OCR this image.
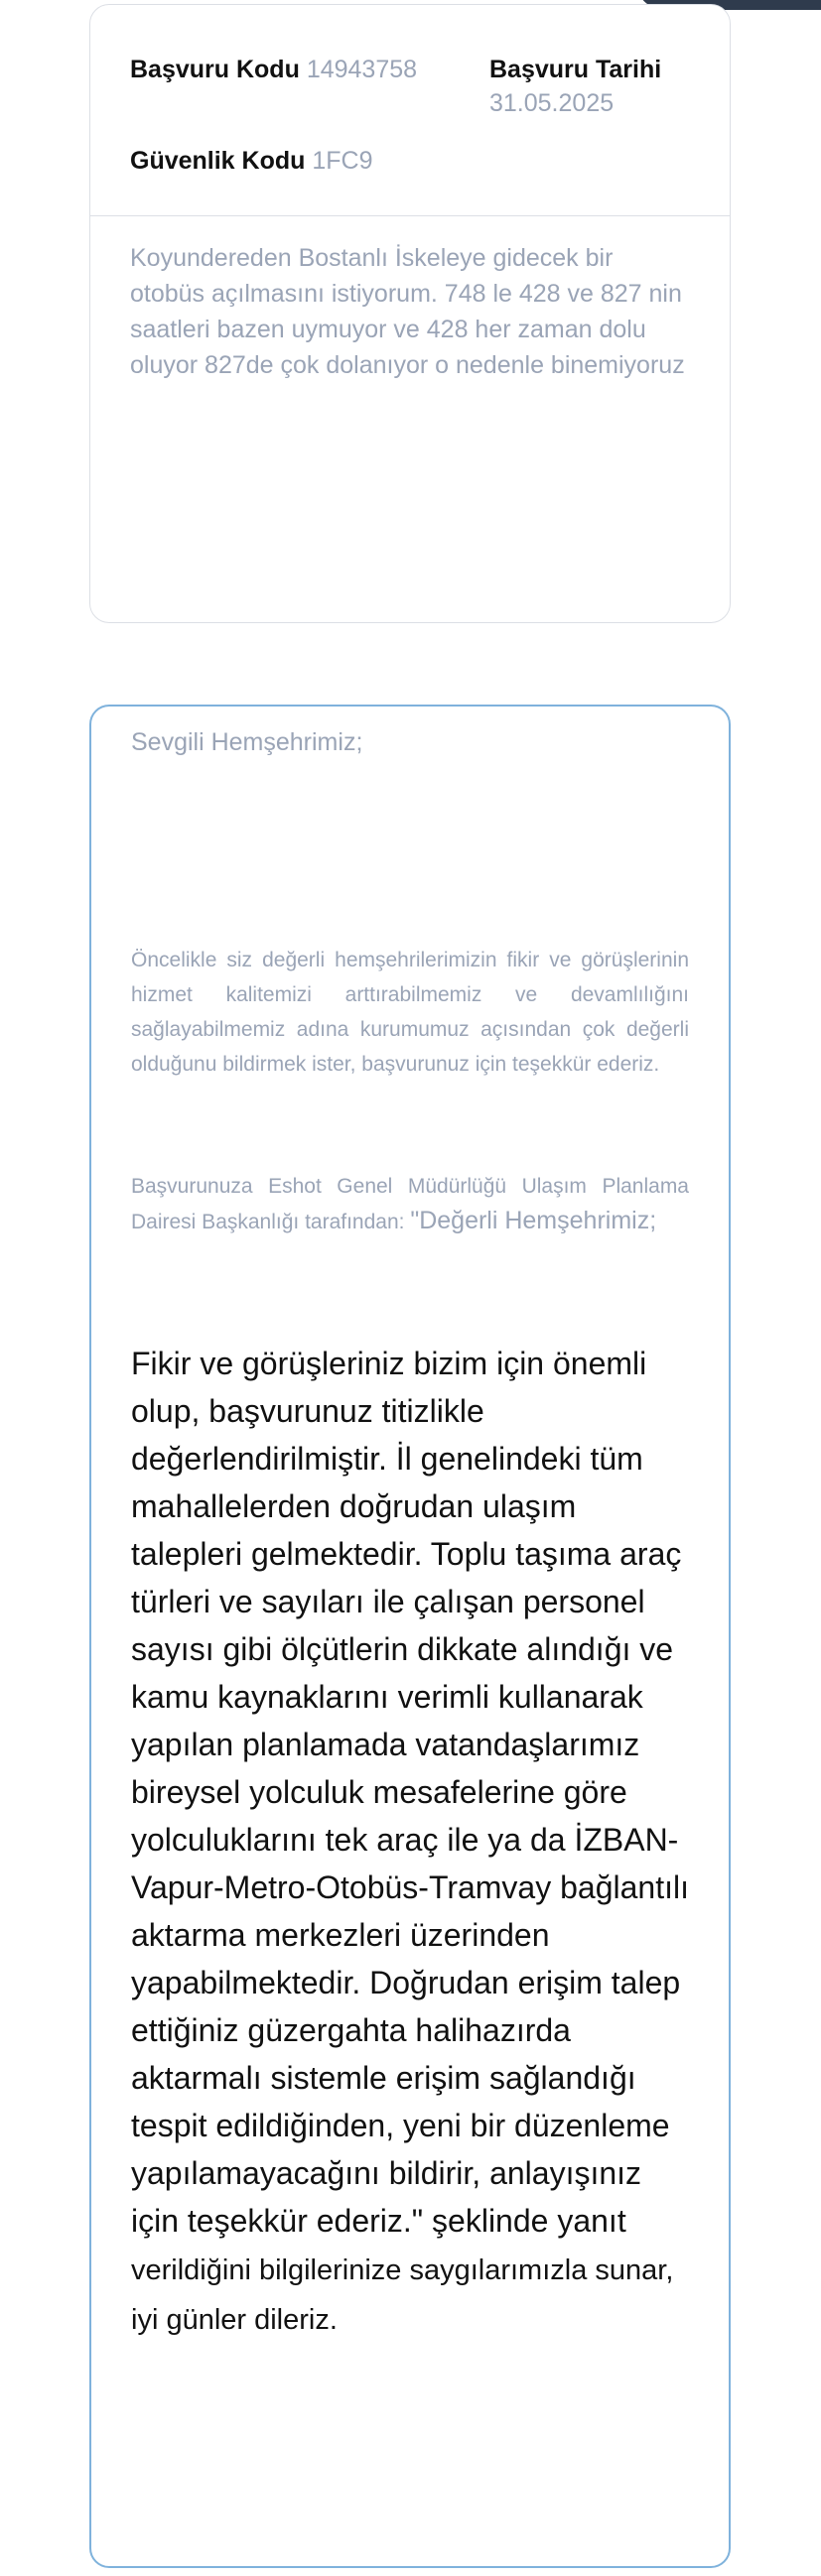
Başvuru Kodu 14943758	Başvuru Tarihi
31.05.2025
Güvenlik Kodu 1FC9
Koyundereden Bostanlı İskeleye gidecek bir otobüs açılmasını istiyorum. 748 le 428 ve 827 nin saatleri bazen uymuyor ve 428 her zaman dolu oluyor 827de çok dolanıyor o nedenle binemiyoruz
Sevgili Hemşehrimiz;
Öncelikle siz değerli hemşehrilerimizin fikir ve görüşlerinin hizmet kalitemizi arttırabilmemiz ve devamlılığını sağlayabilmemiz adına kurumumuz açısından çok değerli olduğunu bildirmek ister, başvurunuz için teşekkür ederiz.
Başvurunuza Eshot Genel Müdürlüğü Ulaşım Planlama Dairesi Başkanlığı tarafından: "Değerli Hemşehrimiz;
Fikir ve görüşleriniz bizim için önemli olup, başvurunuz titizlikle değerlendirilmiştir. İl genelindeki tüm mahallelerden doğrudan ulaşım talepleri gelmektedir. Toplu taşıma araç türleri ve sayıları ile çalışan personel sayısı gibi ölçütlerin dikkate alındığı ve kamu kaynaklarını verimli kullanarak yapılan planlamada vatandaşlarımız bireysel yolculuk mesafelerine göre yolculuklarını tek araç ile ya da İZBAN-Vapur-Metro-Otobüs-Tramvay bağlantılı aktarma merkezleri üzerinden yapabilmektedir. Doğrudan erişim talep ettiğiniz güzergahta halihazırda aktarmalı sistemle erişim sağlandığı tespit edildiğinden, yeni bir düzenleme yapılamayacağını bildirir, anlayışınız için teşekkür ederiz." şeklinde yanıt verildiğini bilgilerinize saygılarımızla sunar, iyi günler dileriz.
